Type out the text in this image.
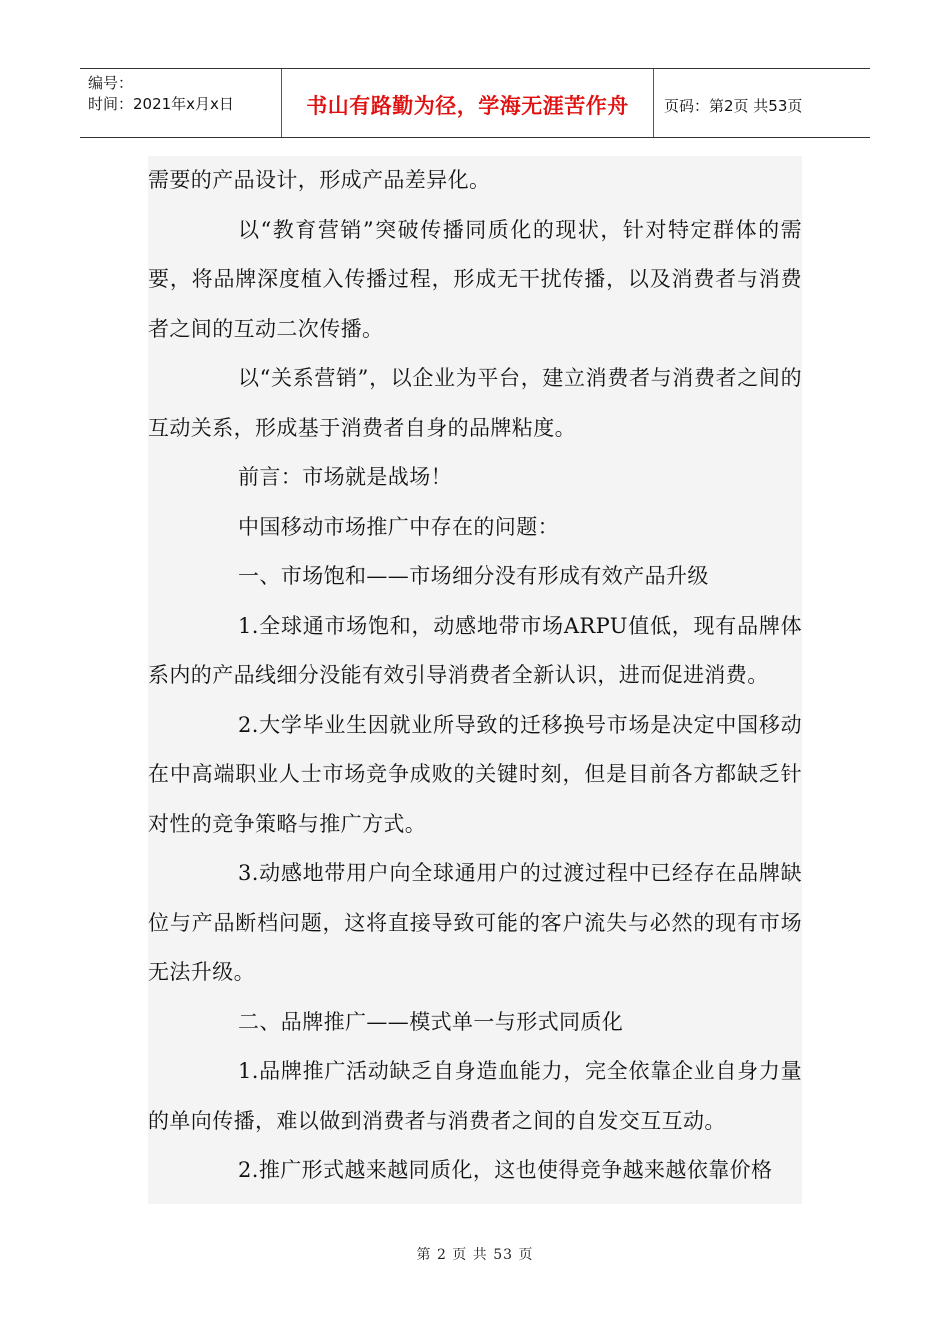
编号：
时间：2021年x月x日	书山有路勤为径，学海无涯苦作舟	页码：第2页 共53页

需要的产品设计，形成产品差异化。

以“教育营销”突破传播同质化的现状，针对特定群体的需要，将品牌深度植入传播过程，形成无干扰传播，以及消费者与消费者之间的互动二次传播。

以“关系营销”，以企业为平台，建立消费者与消费者之间的互动关系，形成基于消费者自身的品牌粘度。

前言：市场就是战场！

中国移动市场推广中存在的问题：

一、市场饱和——市场细分没有形成有效产品升级

1.全球通市场饱和，动感地带市场ARPU值低，现有品牌体系内的产品线细分没能有效引导消费者全新认识，进而促进消费。

2.大学毕业生因就业所导致的迁移换号市场是决定中国移动在中高端职业人士市场竞争成败的关键时刻，但是目前各方都缺乏针对性的竞争策略与推广方式。

3.动感地带用户向全球通用户的过渡过程中已经存在品牌缺位与产品断档问题，这将直接导致可能的客户流失与必然的现有市场无法升级。

二、品牌推广——模式单一与形式同质化

1.品牌推广活动缺乏自身造血能力，完全依靠企业自身力量的单向传播，难以做到消费者与消费者之间的自发交互互动。

2.推广形式越来越同质化，这也使得竞争越来越依靠价格

第 2 页 共 53 页
